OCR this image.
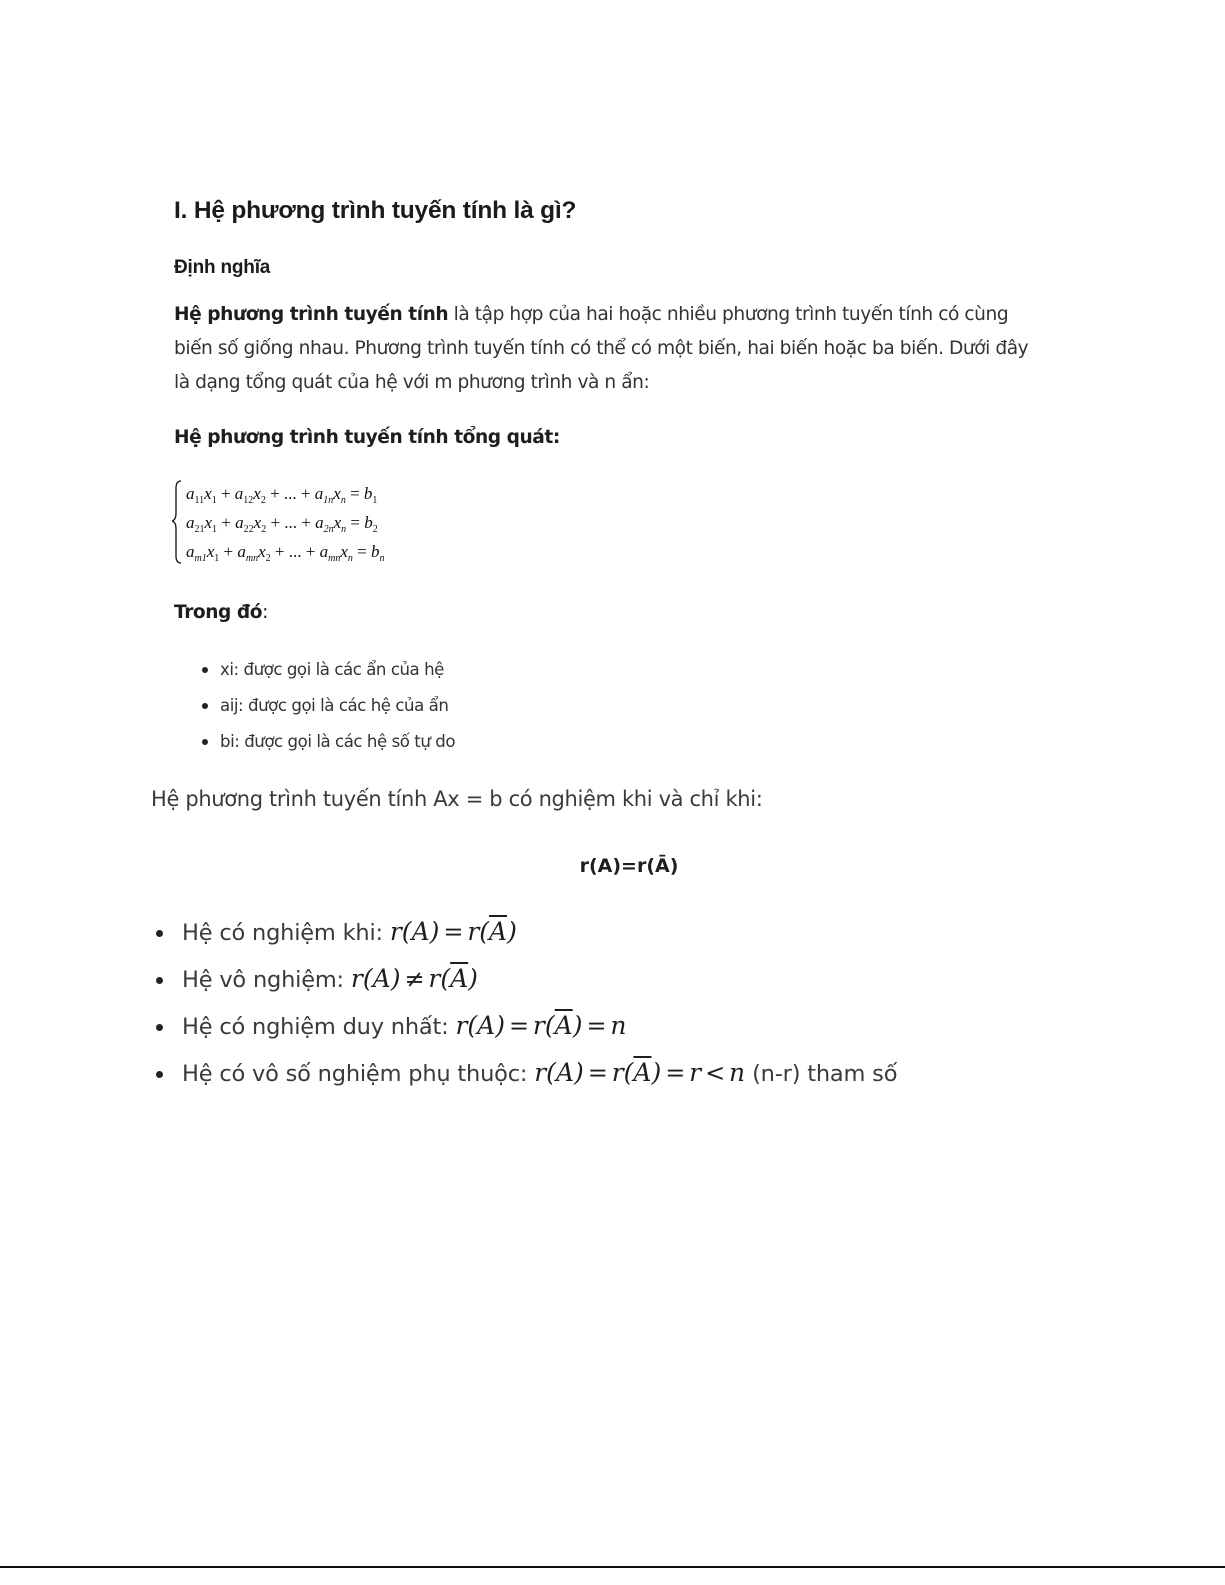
I. Hệ phương trình tuyến tính là gì?
Định nghĩa
Hệ phương trình tuyến tính là tập hợp của hai hoặc nhiều phương trình tuyến tính có cùng biến số giống nhau. Phương trình tuyến tính có thể có một biến, hai biến hoặc ba biến. Dưới đây là dạng tổng quát của hệ với m phương trình và n ẩn:
Hệ phương trình tuyến tính tổng quát:
$a_{11}x_1 + a_{12}x_2$ + ... + $a_{1n}x_n = b_1$
$a_{21}x_1 + a_{22}x_2$ + ... + $a_{2n}x_n = b_2$
$a_{m1}x_1 + a_{mn}x_2$ + ... + $a_{mn}x_n = b_n$
Trong đó:
xi: được gọi là các ẩn của hệ
aij: được gọi là các hệ của ẩn
bi: được gọi là các hệ số tự do
Hệ phương trình tuyến tính Ax = b có nghiệm khi và chỉ khi:
r(A)=r(Ā)
Hệ có nghiệm khi: $r(A) = r(\overline{A})$
Hệ vô nghiệm: $r(A) \ne r(\overline{A})$
Hệ có nghiệm duy nhất: $r(A) = r(\overline{A}) = n$
Hệ có vô số nghiệm phụ thuộc: $r(A) = r(\overline{A}) = r < n$ (n-r) tham số
